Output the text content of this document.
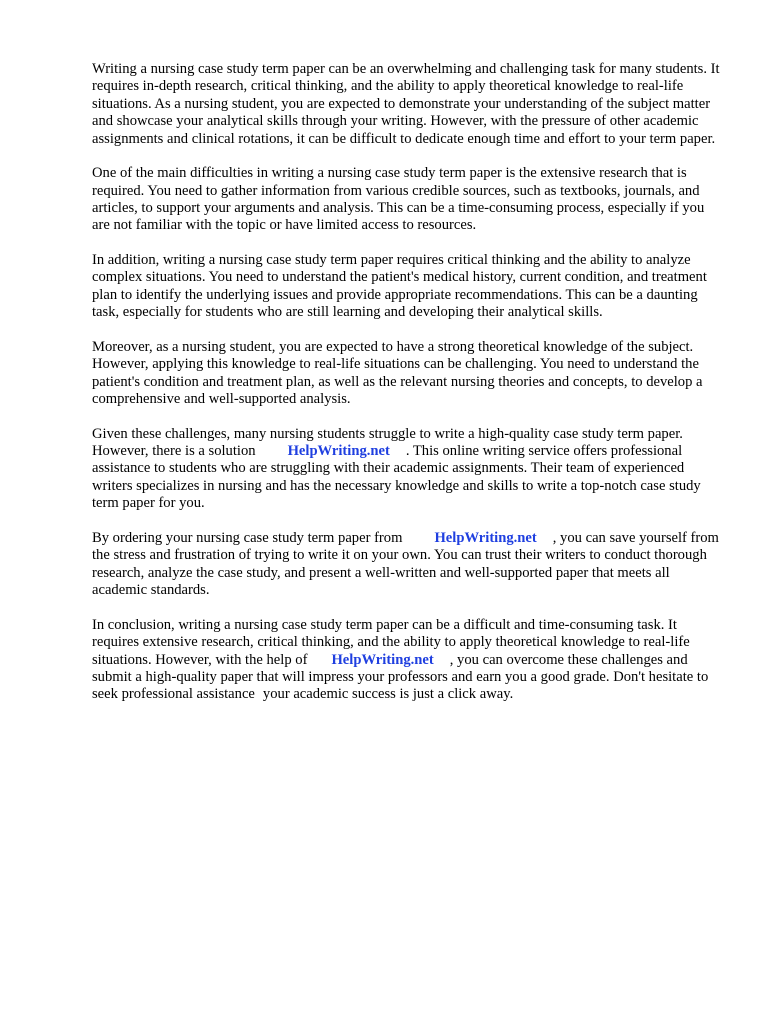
Writing a nursing case study term paper can be an overwhelming and challenging task for many students. It requires in-depth research, critical thinking, and the ability to apply theoretical knowledge to real-life situations. As a nursing student, you are expected to demonstrate your understanding of the subject matter and showcase your analytical skills through your writing. However, with the pressure of other academic assignments and clinical rotations, it can be difficult to dedicate enough time and effort to your term paper.

One of the main difficulties in writing a nursing case study term paper is the extensive research that is required. You need to gather information from various credible sources, such as textbooks, journals, and articles, to support your arguments and analysis. This can be a time-consuming process, especially if you are not familiar with the topic or have limited access to resources.

In addition, writing a nursing case study term paper requires critical thinking and the ability to analyze complex situations. You need to understand the patient's medical history, current condition, and treatment plan to identify the underlying issues and provide appropriate recommendations. This can be a daunting task, especially for students who are still learning and developing their analytical skills.

Moreover, as a nursing student, you are expected to have a strong theoretical knowledge of the subject. However, applying this knowledge to real-life situations can be challenging. You need to understand the patient's condition and treatment plan, as well as the relevant nursing theories and concepts, to develop a comprehensive and well-supported analysis.

Given these challenges, many nursing students struggle to write a high-quality case study term paper. However, there is a solution HelpWriting.net . This online writing service offers professional assistance to students who are struggling with their academic assignments. Their team of experienced writers specializes in nursing and has the necessary knowledge and skills to write a top-notch case study term paper for you.

By ordering your nursing case study term paper from HelpWriting.net , you can save yourself from the stress and frustration of trying to write it on your own. You can trust their writers to conduct thorough research, analyze the case study, and present a well-written and well-supported paper that meets all academic standards.

In conclusion, writing a nursing case study term paper can be a difficult and time-consuming task. It requires extensive research, critical thinking, and the ability to apply theoretical knowledge to real-life situations. However, with the help of HelpWriting.net , you can overcome these challenges and submit a high-quality paper that will impress your professors and earn you a good grade. Don't hesitate to seek professional assistance your academic success is just a click away.
